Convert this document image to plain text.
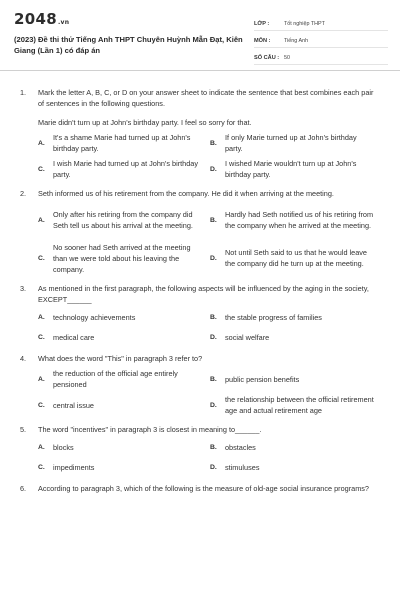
2048.vn
(2023) Đề thi thử Tiếng Anh THPT Chuyên Huỳnh Mẫn Đạt, Kiên Giang (Lần 1) có đáp án
LỚP :	Tốt nghiệp THPT
MÔN :	Tiếng Anh
SỐ CÂU : 50
1.	Mark the letter A, B, C, or D on your answer sheet to indicate the sentence that best combines each pair of sentences in the following questions.
Marie didn't turn up at John's birthday party. I feel so sorry for that.
A.
It's a shame Marie had turned up at John's birthday party.
B.
If only Marie turned up at John's birthday party.
C.
I wish Marie had turned up at John's birthday party.
D.
I wished Marie wouldn't turn up at John's birthday party.
2.	Seth informed us of his retirement from the company. He did it when arriving at the meeting.
A.
Only after his retiring from the company did Seth tell us about his arrival at the meeting.
B.
Hardly had Seth notified us of his retiring from the company when he arrived at the meeting.
C.
No sooner had Seth arrived at the meeting than we were told about his leaving the company.
D.
Not until Seth said to us that he would leave the company did he turn up at the meeting.
3.	As mentioned in the first paragraph, the following aspects will be influenced by the aging in the society, EXCEPT______
A.	technology achievements	B.	the stable progress of families
C.	medical care	D.	social welfare
4.	What does the word "This" in paragraph 3 refer to?
A.
the reduction of the official age entirely pensioned
B.	public pension benefits
C.	central issue	D.
the relationship between the official retirement age and actual retirement age
5.	The word "incentives" in paragraph 3 is closest in meaning to______.
A.	blocks	B.	obstacles
C.	impediments	D.	stimuluses
6.	According to paragraph 3, which of the following is the measure of old-age social insurance programs?
